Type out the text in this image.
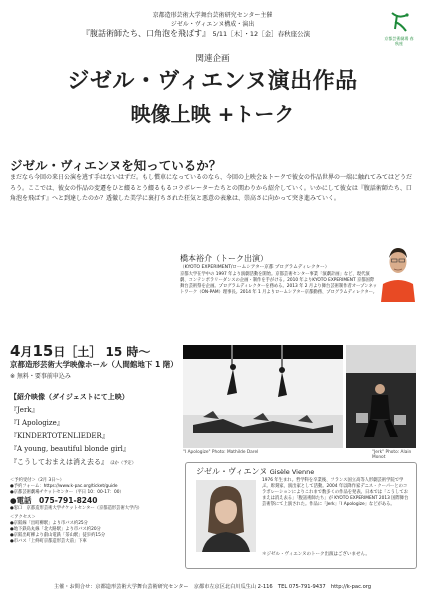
京都造形芸術大学舞台芸術研究センター主催
ジゼル・ヴィエンヌ構成・演出
『腹話術師たち、口角泡を飛ばす』 5/11［木］・12［金］春秋座公演
京都芸術劇場 春秋座
関連企画
ジゼル・ヴィエンヌ演出作品
映像上映 +トーク
ジゼル・ヴィエンヌを知っているか？
まだなら今回の来日公演を逃す手はないはずだ。もし慣車になっているのなら、今回の上映会＆トークで彼女の作品世界の一端に触れてみてはどうだろう。ここでは、彼女の作品の変遷をひと綴るとう綴るもるコラボレーターたちとの関わりから紹介していく。いかにして彼女は『腹話術師たち、口角泡を飛ばす』へと到達したのか？透徹した美学に裏打ちされた狂気と悪意の表象は、崇高さに向かって突き進みていく。
橋本裕介（トーク出演）
（KYOTO EXPERIMENT/ロームシアター京都 プログラムディレクター）
京都大学在学中の 1997 年より演劇活動を開始。京都芸術センター事業「演劇計画」など、現代演劇、コンテンポラリーダンスの企画・制作を手がける。2010 年よりKYOTO EXPERIMENT 京都国際舞台芸術祭を企画。プログラムディレクターを務める。2013 年 2 月より舞台芸術制作者オープンネットワーク（ON-PAM）理事長。2014 年 1 月よりロームシアター京都勤務、プログラムディレクター。
4月15日［土］ 15 時～
京都造形芸術大学映像ホール（人間館地下 1 階）
※ 無料・要事前申込み
【紹介映像（ダイジェストにて上映）
『Jerk』
『I Apologize』
『KINDERTOTENLIEDER』
『A young, beautiful blonde girl』
『こうしておまえは消え去る』 ほか（予定）
"I Apologize" Photo: Mathilde Darel	"Jerk" Photo: Alain Monot
＜予約受付＞（2月 3日〜）
●予約フォーム：https://www.k-pac.org/ticket/guide
●京都芸術劇場チケットセンター（平日 10：00-17：00）
●電話　075-791-8240
●窓口　京都造形芸術大学チケットセンター（京都造形芸術大学内）
＜アクセス＞
●京阪線「出町柳駅」より市バス約25分
●地下鉄烏丸線「北大路駅」より市バス約20分
●京阪出町柳より叡山電鉄「茶山駅」徒歩約15分
●市バス「上終町京都造形芸大前」下車
ジゼル・ヴィエンヌ Gisèle Vienne
1976 年生まれ。哲学科を卒業後、フランス国立高等人形劇芸術学院で学ぶ。彫刻家、演出家として活動。2004 年以降作家デニス・クーパーとのコラボレーションによりこれまで数多くの作品を発表。日本では「こうしておまえは消え去る」「腹話術師たち」が KYOTO EXPERIMENT 2013 国際舞台芸術祭にて上演された。作品に「Jerk」「I Apologize」などがある。
＊ジゼル・ヴィエンヌのトーク出演はございません。
主催・お問合せ：京都造形芸術大学舞台芸術研究センター　京都市左京区北白川瓜生山 2-116　TEL 075-791-9437　http://k-pac.org
